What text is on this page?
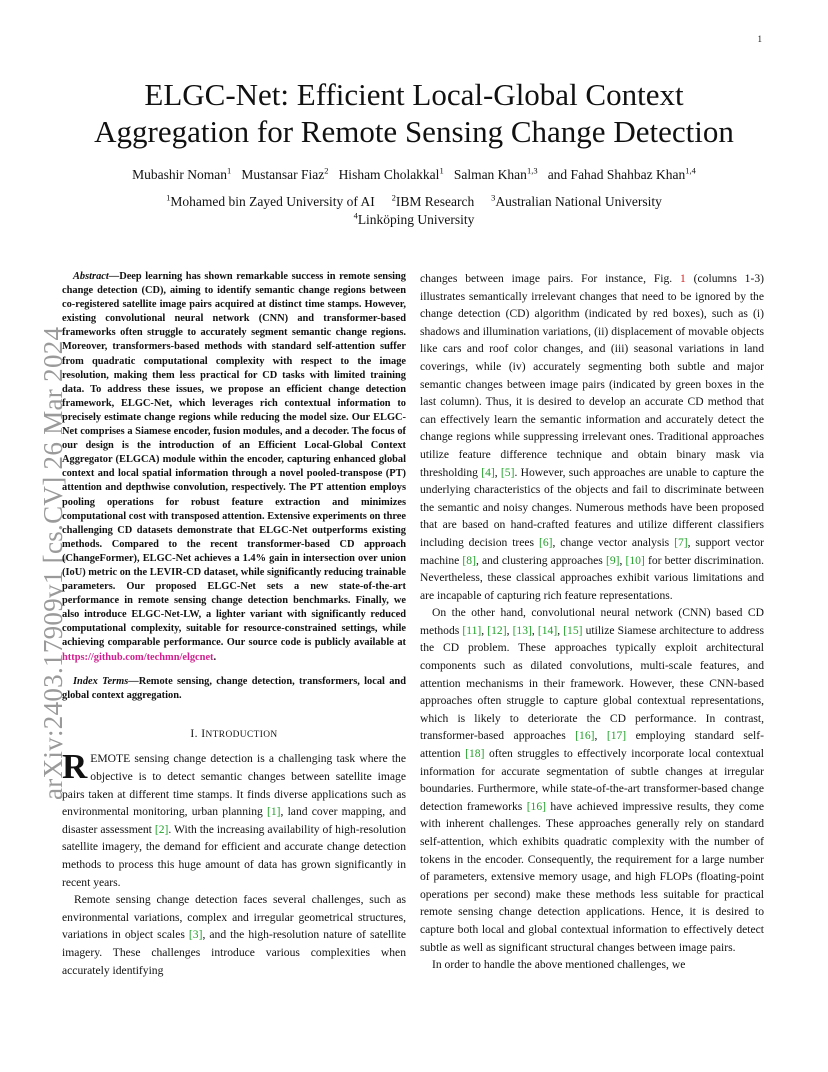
1
arXiv:2403.17909v1 [cs.CV] 26 Mar 2024
ELGC-Net: Efficient Local-Global Context
Aggregation for Remote Sensing Change Detection
Mubashir Noman$^1$ Mustansar Fiaz$^2$ Hisham Cholakkal$^1$ Salman Khan$^{1,3}$ and Fahad Shahbaz Khan$^{1,4}$
$^1$Mohamed bin Zayed University of AI $^2$IBM Research $^3$Australian National University
$^4$Linköping University

Abstract—Deep learning has shown remarkable success in remote sensing change detection (CD), aiming to identify semantic change regions between co-registered satellite image pairs acquired at distinct time stamps. However, existing convolutional neural network (CNN) and transformer-based frameworks often struggle to accurately segment semantic change regions. Moreover, transformers-based methods with standard self-attention suffer from quadratic computational complexity with respect to the image resolution, making them less practical for CD tasks with limited training data. To address these issues, we propose an efficient change detection framework, ELGC-Net, which leverages rich contextual information to precisely estimate change regions while reducing the model size. Our ELGC-Net comprises a Siamese encoder, fusion modules, and a decoder. The focus of our design is the introduction of an Efficient Local-Global Context Aggregator (ELGCA) module within the encoder, capturing enhanced global context and local spatial information through a novel pooled-transpose (PT) attention and depthwise convolution, respectively. The PT attention employs pooling operations for robust feature extraction and minimizes computational cost with transposed attention. Extensive experiments on three challenging CD datasets demonstrate that ELGC-Net outperforms existing methods. Compared to the recent transformer-based CD approach (ChangeFormer), ELGC-Net achieves a 1.4% gain in intersection over union (IoU) metric on the LEVIR-CD dataset, while significantly reducing trainable parameters. Our proposed ELGC-Net sets a new state-of-the-art performance in remote sensing change detection benchmarks. Finally, we also introduce ELGC-Net-LW, a lighter variant with significantly reduced computational complexity, suitable for resource-constrained settings, while achieving comparable performance. Our source code is publicly available at https://github.com/techmn/elgcnet.

Index Terms—Remote sensing, change detection, transformers, local and global context aggregation.

I. INTRODUCTION

REMOTE sensing change detection is a challenging task where the objective is to detect semantic changes between satellite image pairs taken at different time stamps. It finds diverse applications such as environmental monitoring, urban planning [1], land cover mapping, and disaster assessment [2]. With the increasing availability of high-resolution satellite imagery, the demand for efficient and accurate change detection methods to process this huge amount of data has grown significantly in recent years.

Remote sensing change detection faces several challenges, such as environmental variations, complex and irregular geometrical structures, variations in object scales [3], and the high-resolution nature of satellite imagery. These challenges introduce various complexities when accurately identifying

changes between image pairs. For instance, Fig. 1 (columns 1-3) illustrates semantically irrelevant changes that need to be ignored by the change detection (CD) algorithm (indicated by red boxes), such as (i) shadows and illumination variations, (ii) displacement of movable objects like cars and roof color changes, and (iii) seasonal variations in land coverings, while (iv) accurately segmenting both subtle and major semantic changes between image pairs (indicated by green boxes in the last column). Thus, it is desired to develop an accurate CD method that can effectively learn the semantic information and accurately detect the change regions while suppressing irrelevant ones. Traditional approaches utilize feature difference technique and obtain binary mask via thresholding [4], [5]. However, such approaches are unable to capture the underlying characteristics of the objects and fail to discriminate between the semantic and noisy changes. Numerous methods have been proposed that are based on hand-crafted features and utilize different classifiers including decision trees [6], change vector analysis [7], support vector machine [8], and clustering approaches [9], [10] for better discrimination. Nevertheless, these classical approaches exhibit various limitations and are incapable of capturing rich feature representations.

On the other hand, convolutional neural network (CNN) based CD methods [11], [12], [13], [14], [15] utilize Siamese architecture to address the CD problem. These approaches typically exploit architectural components such as dilated convolutions, multi-scale features, and attention mechanisms in their framework. However, these CNN-based approaches often struggle to capture global contextual representations, which is likely to deteriorate the CD performance. In contrast, transformer-based approaches [16], [17] employing standard self-attention [18] often struggles to effectively incorporate local contextual information for accurate segmentation of subtle changes at irregular boundaries. Furthermore, while state-of-the-art transformer-based change detection frameworks [16] have achieved impressive results, they come with inherent challenges. These approaches generally rely on standard self-attention, which exhibits quadratic complexity with the number of tokens in the encoder. Consequently, the requirement for a large number of parameters, extensive memory usage, and high FLOPs (floating-point operations per second) make these methods less suitable for practical remote sensing change detection applications. Hence, it is desired to capture both local and global contextual information to effectively detect subtle as well as significant structural changes between image pairs.

In order to handle the above mentioned challenges, we
